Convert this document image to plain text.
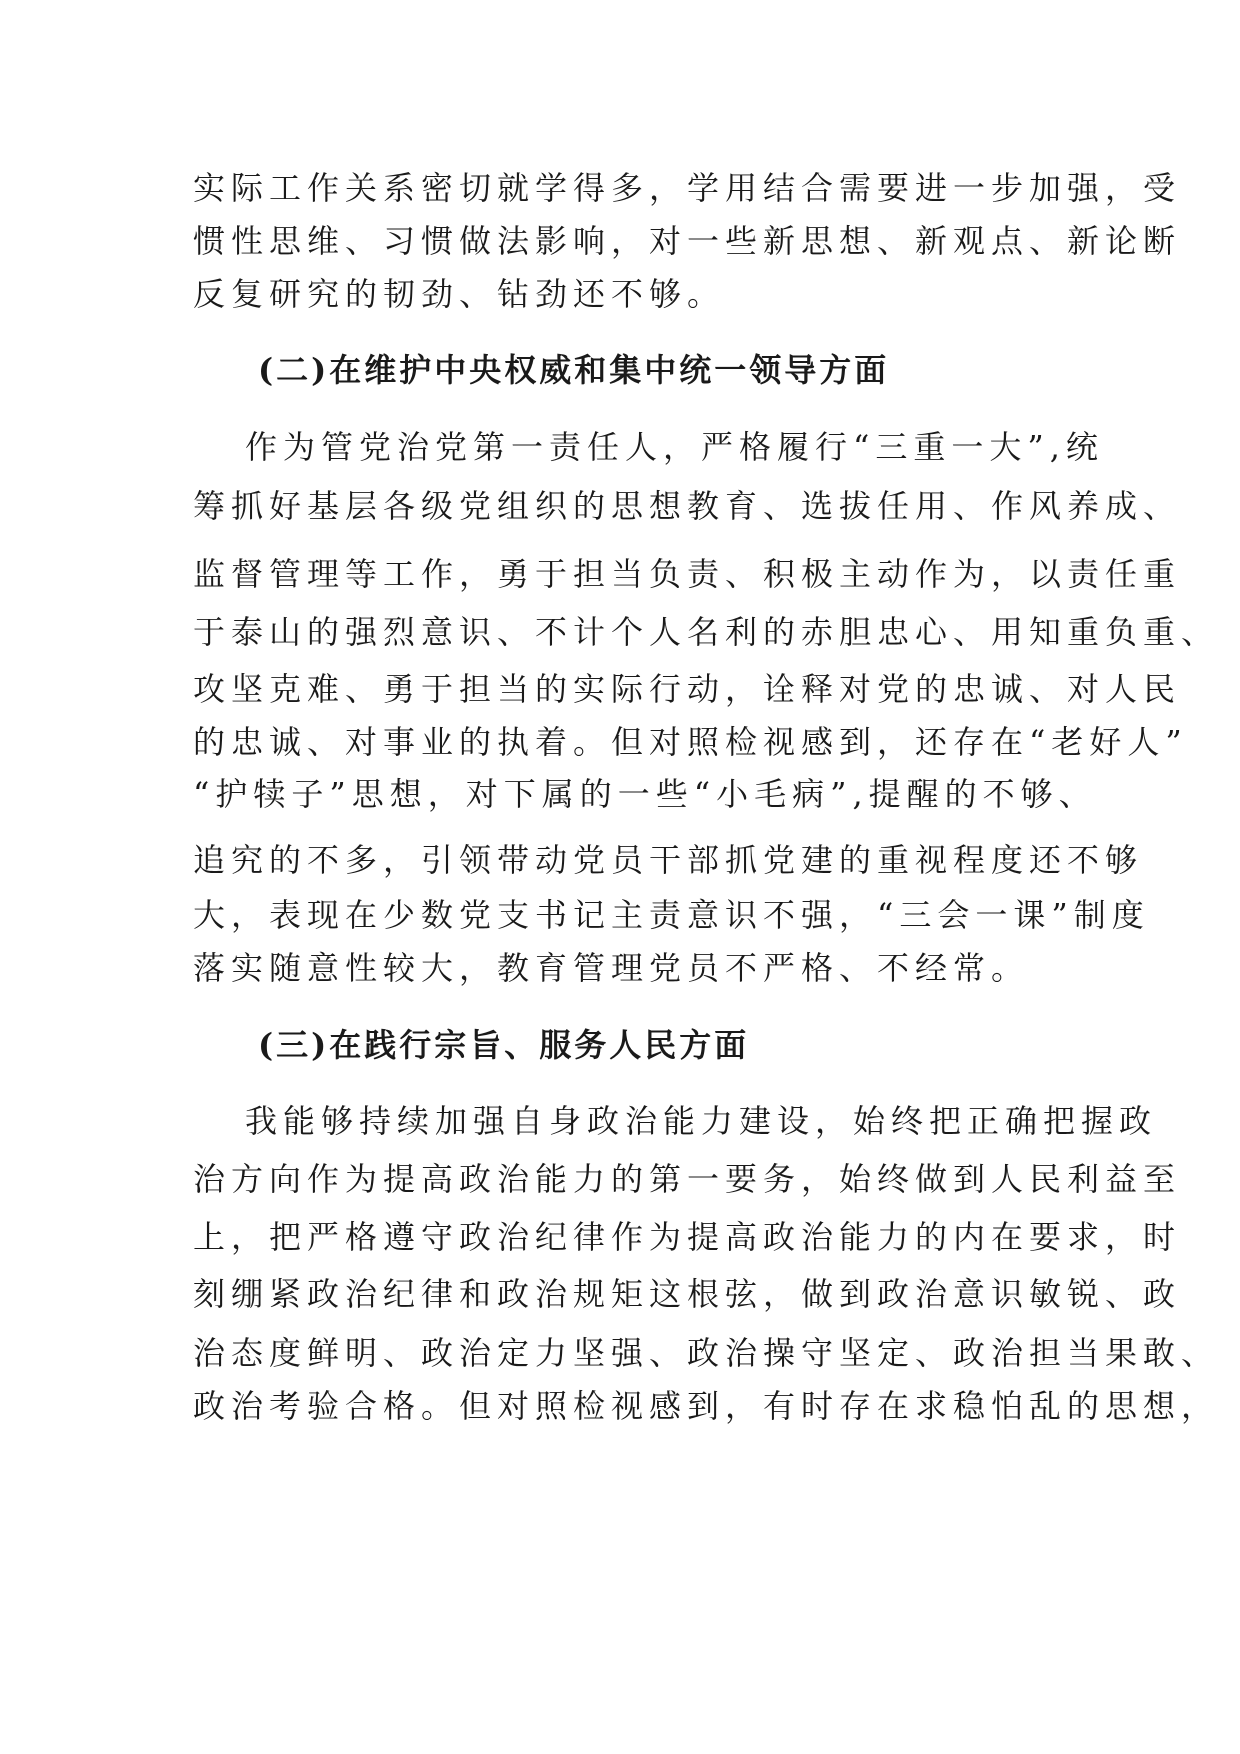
实际工作关系密切就学得多，学用结合需要进一步加强，受
惯性思维、习惯做法影响，对一些新思想、新观点、新论断
反复研究的韧劲、钻劲还不够。
(二)在维护中央权威和集中统一领导方面
作为管党治党第一责任人，严格履行“三重一大”,统
筹抓好基层各级党组织的思想教育、选拔任用、作风养成、
监督管理等工作，勇于担当负责、积极主动作为，以责任重
于泰山的强烈意识、不计个人名利的赤胆忠心、用知重负重、
攻坚克难、勇于担当的实际行动，诠释对党的忠诚、对人民
的忠诚、对事业的执着。但对照检视感到，还存在“老好人”
“护犊子”思想，对下属的一些“小毛病”,提醒的不够、
追究的不多，引领带动党员干部抓党建的重视程度还不够
大，表现在少数党支书记主责意识不强，“三会一课”制度
落实随意性较大，教育管理党员不严格、不经常。
(三)在践行宗旨、服务人民方面
我能够持续加强自身政治能力建设，始终把正确把握政
治方向作为提高政治能力的第一要务，始终做到人民利益至
上，把严格遵守政治纪律作为提高政治能力的内在要求，时
刻绷紧政治纪律和政治规矩这根弦，做到政治意识敏锐、政
治态度鲜明、政治定力坚强、政治操守坚定、政治担当果敢、
政治考验合格。但对照检视感到，有时存在求稳怕乱的思想，
